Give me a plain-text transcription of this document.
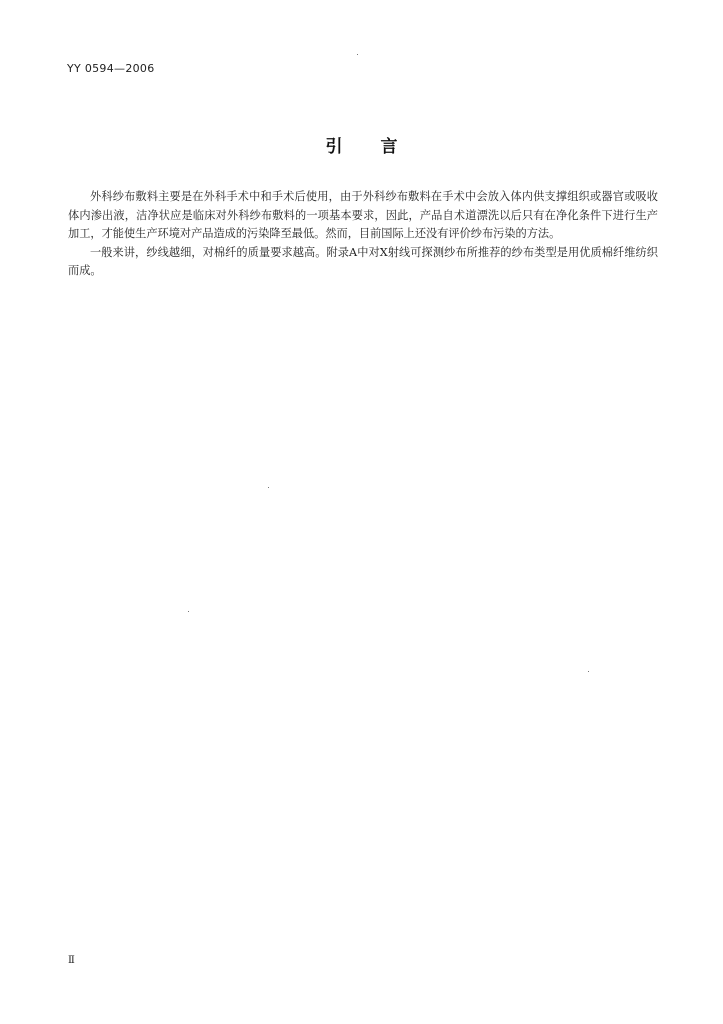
YY 0594—2006
引言

外科纱布敷料主要是在外科手术中和手术后使用，由于外科纱布敷料在手术中会放入体内供支撑组织或器官或吸收体内渗出液，洁净状应是临床对外科纱布敷料的一项基本要求，因此，产品自术道漂洗以后只有在净化条件下进行生产加工，才能使生产环境对产品造成的污染降至最低。然而，目前国际上还没有评价纱布污染的方法。

一般来讲，纱线越细，对棉纤的质量要求越高。附录A中对X射线可探测纱布所推荐的纱布类型是用优质棉纤维纺织而成。

Ⅱ
